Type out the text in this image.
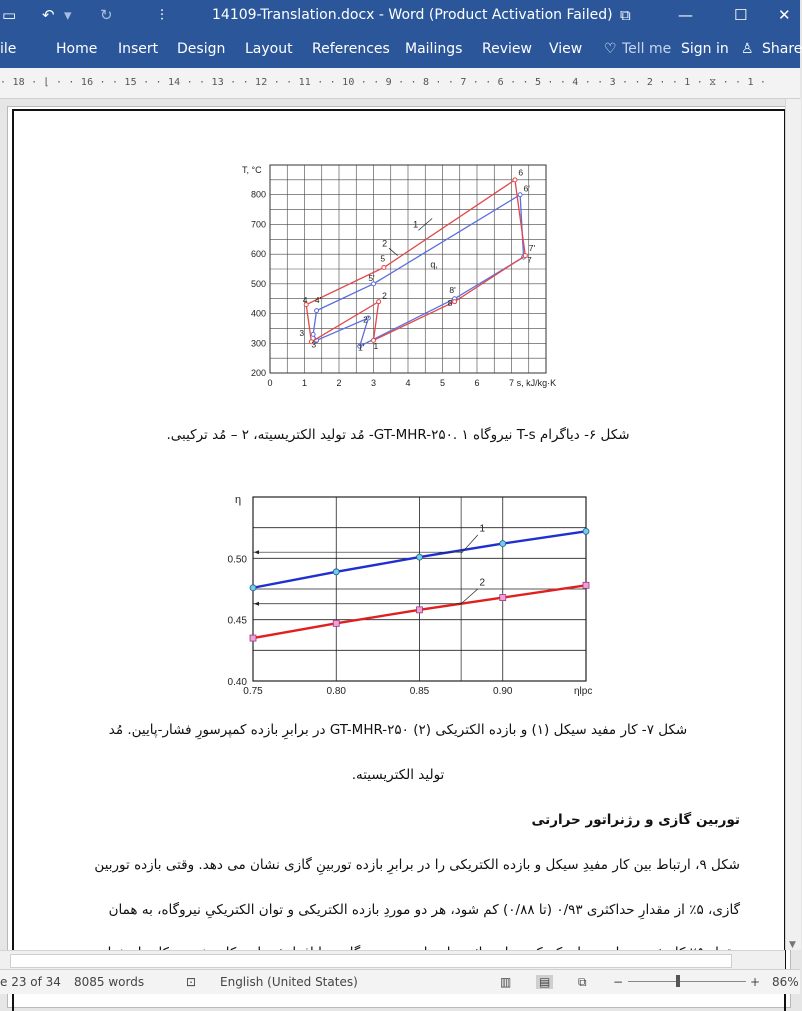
▭ ↶ ▾ ↻	⫶	14109-Translation.docx - Word (Product Activation Failed) ⧉	—	☐ ✕
ile	Home Insert Design Layout References Mailings Review View ♡ Tell me Sign in ♙ Share
· 18 · ⌊ · · 16 · · 15 · · 14 · · 13 · · 12 · · 11 · · 10 · · 9 · · 8 · · 7 · · 6 · · 5 · · 4 · · 3 · · 2 · · 1 · ⧖ · · 1 ·
0	1	2	3	4	5	6	7
200
300
400
500
600
700
800
T, °C
s, kJ/kg·K
1
1'
2
2'
3
3'
4 4'
5
5'
6
6'
7
7'
8
8'
1
2
q,
شکل ۶- دیاگرام T-s نیروگاه GT-MHR-۲۵۰. ۱- مُد تولید الکتریسیته، ۲ – مُد ترکیبی.
0.75	0.80	0.85	0.90
0.40
0.45
0.50
η
ηlpc
1
2
شکل ۷- کار مفید سیکل (۱) و بازده الکتریکی (۲) GT-MHR-۲۵۰ در برابرِ بازده کمپرسورِ فشار-پایین. مُد
تولید الکتریسیته.
توربین گازی و رژنراتور حرارتی
شکل ۹، ارتباط بین کار مفیدِ سیکل و بازده الکتریکی را در برابرِ بازده توربینِ گازی نشان می دهد. وقتی بازده توربین
گازی، ۵٪ از مقدارِ حداکثری ۰/۹۳ (تا ۰/۸۸) کم شود، هر دو موردِ بازده الکتریکی و توان الکتریکیِ نیروگاه، به همان
▼
e 23 of 34 8085 words	⊡ English (United States)	▥ ▤ ⧉ −	+ 86%
